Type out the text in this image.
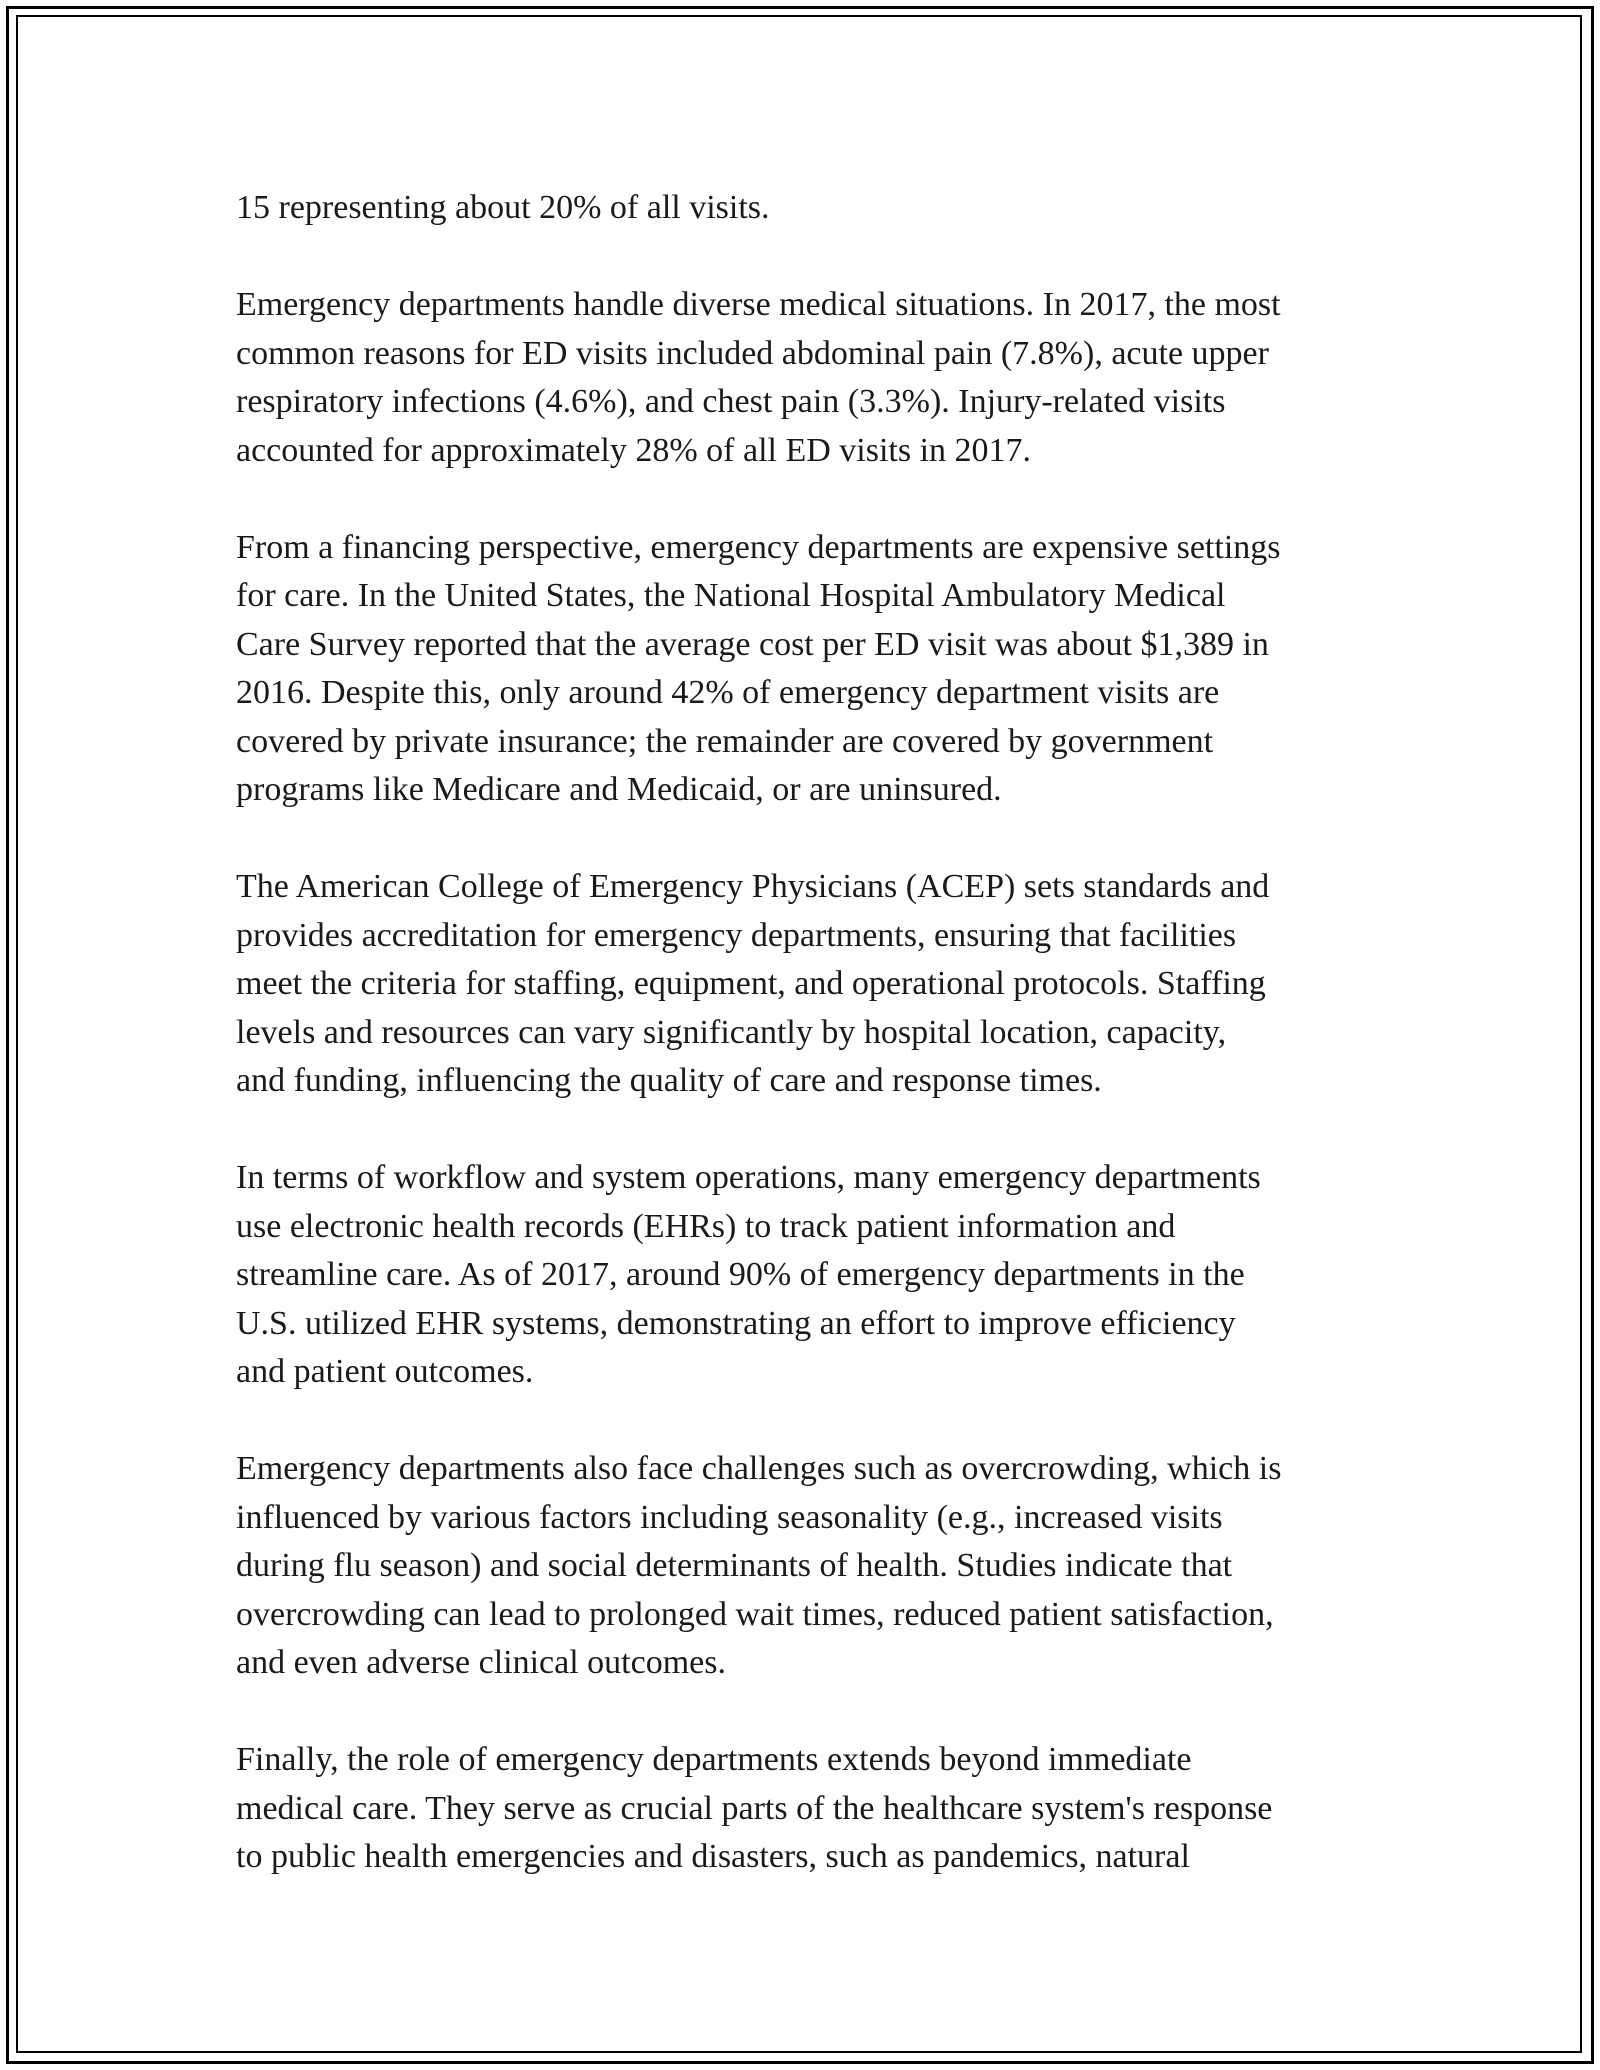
15 representing about 20% of all visits.

Emergency departments handle diverse medical situations. In 2017, the most
common reasons for ED visits included abdominal pain (7.8%), acute upper
respiratory infections (4.6%), and chest pain (3.3%). Injury-related visits
accounted for approximately 28% of all ED visits in 2017.

From a financing perspective, emergency departments are expensive settings
for care. In the United States, the National Hospital Ambulatory Medical
Care Survey reported that the average cost per ED visit was about $1,389 in
2016. Despite this, only around 42% of emergency department visits are
covered by private insurance; the remainder are covered by government
programs like Medicare and Medicaid, or are uninsured.

The American College of Emergency Physicians (ACEP) sets standards and
provides accreditation for emergency departments, ensuring that facilities
meet the criteria for staffing, equipment, and operational protocols. Staffing
levels and resources can vary significantly by hospital location, capacity,
and funding, influencing the quality of care and response times.

In terms of workflow and system operations, many emergency departments
use electronic health records (EHRs) to track patient information and
streamline care. As of 2017, around 90% of emergency departments in the
U.S. utilized EHR systems, demonstrating an effort to improve efficiency
and patient outcomes.

Emergency departments also face challenges such as overcrowding, which is
influenced by various factors including seasonality (e.g., increased visits
during flu season) and social determinants of health. Studies indicate that
overcrowding can lead to prolonged wait times, reduced patient satisfaction,
and even adverse clinical outcomes.

Finally, the role of emergency departments extends beyond immediate
medical care. They serve as crucial parts of the healthcare system's response
to public health emergencies and disasters, such as pandemics, natural
